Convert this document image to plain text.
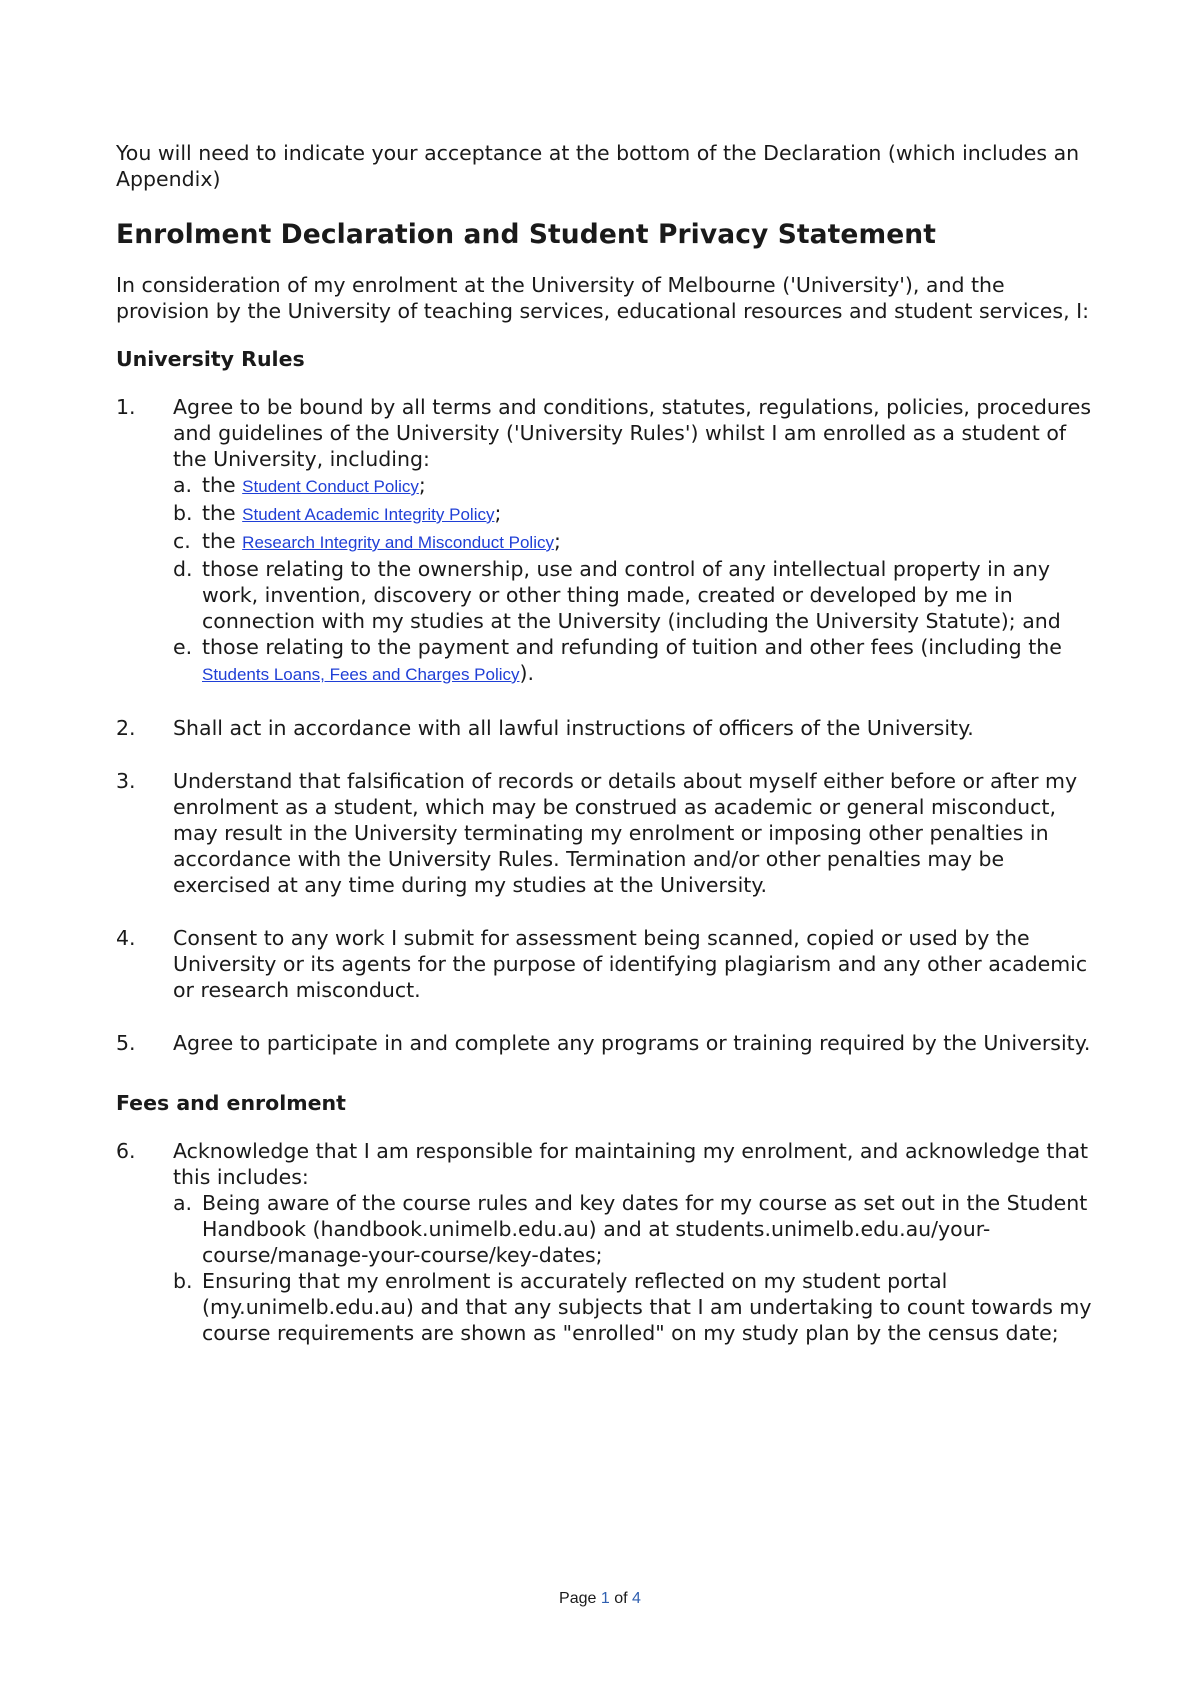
You will need to indicate your acceptance at the bottom of the Declaration (which includes an Appendix)

Enrolment Declaration and Student Privacy Statement

In consideration of my enrolment at the University of Melbourne ('University'), and the provision by the University of teaching services, educational resources and student services, I:

University Rules
1. Agree to be bound by all terms and conditions, statutes, regulations, policies, procedures and guidelines of the University ('University Rules') whilst I am enrolled as a student of the University, including:
a. the Student Conduct Policy;
b. the Student Academic Integrity Policy;
c. the Research Integrity and Misconduct Policy;
d. those relating to the ownership, use and control of any intellectual property in any work, invention, discovery or other thing made, created or developed by me in connection with my studies at the University (including the University Statute); and
e. those relating to the payment and refunding of tuition and other fees (including the Students Loans, Fees and Charges Policy).
2. Shall act in accordance with all lawful instructions of officers of the University.
3. Understand that falsification of records or details about myself either before or after my enrolment as a student, which may be construed as academic or general misconduct, may result in the University terminating my enrolment or imposing other penalties in accordance with the University Rules. Termination and/or other penalties may be exercised at any time during my studies at the University.
4. Consent to any work I submit for assessment being scanned, copied or used by the University or its agents for the purpose of identifying plagiarism and any other academic or research misconduct.
5. Agree to participate in and complete any programs or training required by the University.
Fees and enrolment
6. Acknowledge that I am responsible for maintaining my enrolment, and acknowledge that this includes:
a. Being aware of the course rules and key dates for my course as set out in the Student Handbook (handbook.unimelb.edu.au) and at students.unimelb.edu.au/your-course/manage-your-course/key-dates;
b. Ensuring that my enrolment is accurately reflected on my student portal (my.unimelb.edu.au) and that any subjects that I am undertaking to count towards my course requirements are shown as "enrolled" on my study plan by the census date;
Page 1 of 4
